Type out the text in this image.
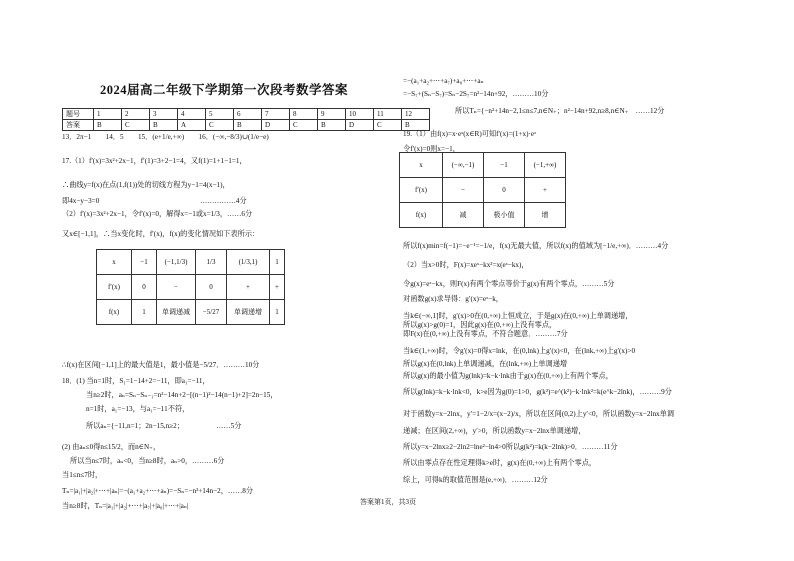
2024届高二年级下学期第一次段考数学答案
题号	1	2	3	4	5	6	7	8	9	10	11	12
答案	B	C	B	A	C	B	D	C	B	D	C	B
13．2π−1　　14．5　　15．(e+1/e,+∞)　　16．(−∞,−8/3)∪(1/e−e)
17.（1）f′(x)=3x²+2x−1，f′(1)=3+2−1=4，又f(1)=1+1−1=1，
∴曲线y=f(x)在点(1,f(1))处的切线方程为y−1=4(x−1)，
即4x−y−3=0　　　　　　　　　　　　　　……………4分
（2）f′(x)=3x²+2x−1，令f′(x)=0，解得x=−1或x=1/3，……6分
又x∈[−1,1]，∴当x变化时，f′(x)，f(x)的变化情况如下表所示：
∴f(x)在区间[−1,1]上的最大值是1，最小值是−5/27．………10分
18．(1) 当n=1时，S₁=1−14+2=−11，即a₁=−11，
当n≥2时，aₙ=Sₙ−Sₙ₋₁=n²−14n+2−[(n−1)²−14(n−1)+2]=2n−15，
n=1时，a₁=−13，与a₁=−11不符，
所以aₙ={−11,n=1；2n−15,n≥2；　　　　　……5分
(2) 由aₙ≤0得n≤15/2，而n∈N₊，
所以当n≤7时，aₙ<0，当n≥8时，aₙ>0，………6分
当1≤n≤7时，
Tₙ=|a₁|+|a₂|+⋯+|aₙ|=−(a₁+a₂+⋯+aₙ)=−Sₙ=−n²+14n−2，……8分
当n≥8时，Tₙ=|a₁|+|a₂|+⋯+|a₇|+|a₈|+⋯+|aₙ|
x	−1	(−1,1/3)	1/3	(1/3,1)	1
f′(x)	0	−	0	+	+
f(x)	1	单调递减	−5/27	单调递增	1
=−(a₁+a₂+⋯+a₇)+a₈+⋯+aₙ
=−S₇+(Sₙ−S₇)=Sₙ−2S₇=n²−14n+92，………10分
所以Tₙ={−n²+14n−2,1≤n≤7,n∈N₊；n²−14n+92,n≥8,n∈N₊　……12分
19.（1）由f(x)=x·eˣ(x∈R)可知f′(x)=(1+x)·eˣ
令f′(x)=0则x=−1，
所以f(x)min=f(−1)=−e⁻¹=−1/e，f(x)无最大值，所以f(x)的值域为[−1/e,+∞)．………4分
（2）当x>0时，F(x)=xeˣ−kx²=x(eˣ−kx)，
令g(x)=eˣ−kx，则F(x)有两个零点等价于g(x)有两个零点，………5分
对函数g(x)求导得：g′(x)=eˣ−k，
当k∈(−∞,1]时，g′(x)>0在(0,+∞)上恒成立，于是g(x)在(0,+∞)上单调递增，
所以g(x)>g(0)=1，因此g(x)在(0,+∞)上没有零点，
即F(x)在(0,+∞)上没有零点，不符合题意．………7分
当k∈(1,+∞)时，令g′(x)=0得x=lnk，在(0,lnk)上g′(x)<0，在(lnk,+∞)上g′(x)>0
所以g(x)在(0,lnk)上单调递减，在(lnk,+∞)上单调递增
所以g(x)的最小值为g(lnk)=k−k·lnk由于g(x)在(0,+∞)上有两个零点，
所以g(lnk)=k−k·lnk<0，k>e因为g(0)=1>0，g(k²)=e^(k²)−k·lnk²=k(e^k−2lnk)，………9分
对于函数y=x−2lnx，y′=1−2/x=(x−2)/x，所以在区间(0,2)上y′<0，所以函数y=x−2lnx单调
递减；在区间(2,+∞)，y′>0，所以函数y=x−2lnx单调递增，
所以y=x−2lnx≥2−2ln2=lne²−ln4>0所以g(k²)=k(k−2lnk)>0．………11分
所以由零点存在性定理得k>e时，g(x)在(0,+∞)上有两个零点，
综上，可得k的取值范围是(e,+∞)．………12分
x	(−∞,−1)	−1	(−1,+∞)
f′(x)	−	0	+
f(x)	减	极小值	增
答案第1页，共3页
